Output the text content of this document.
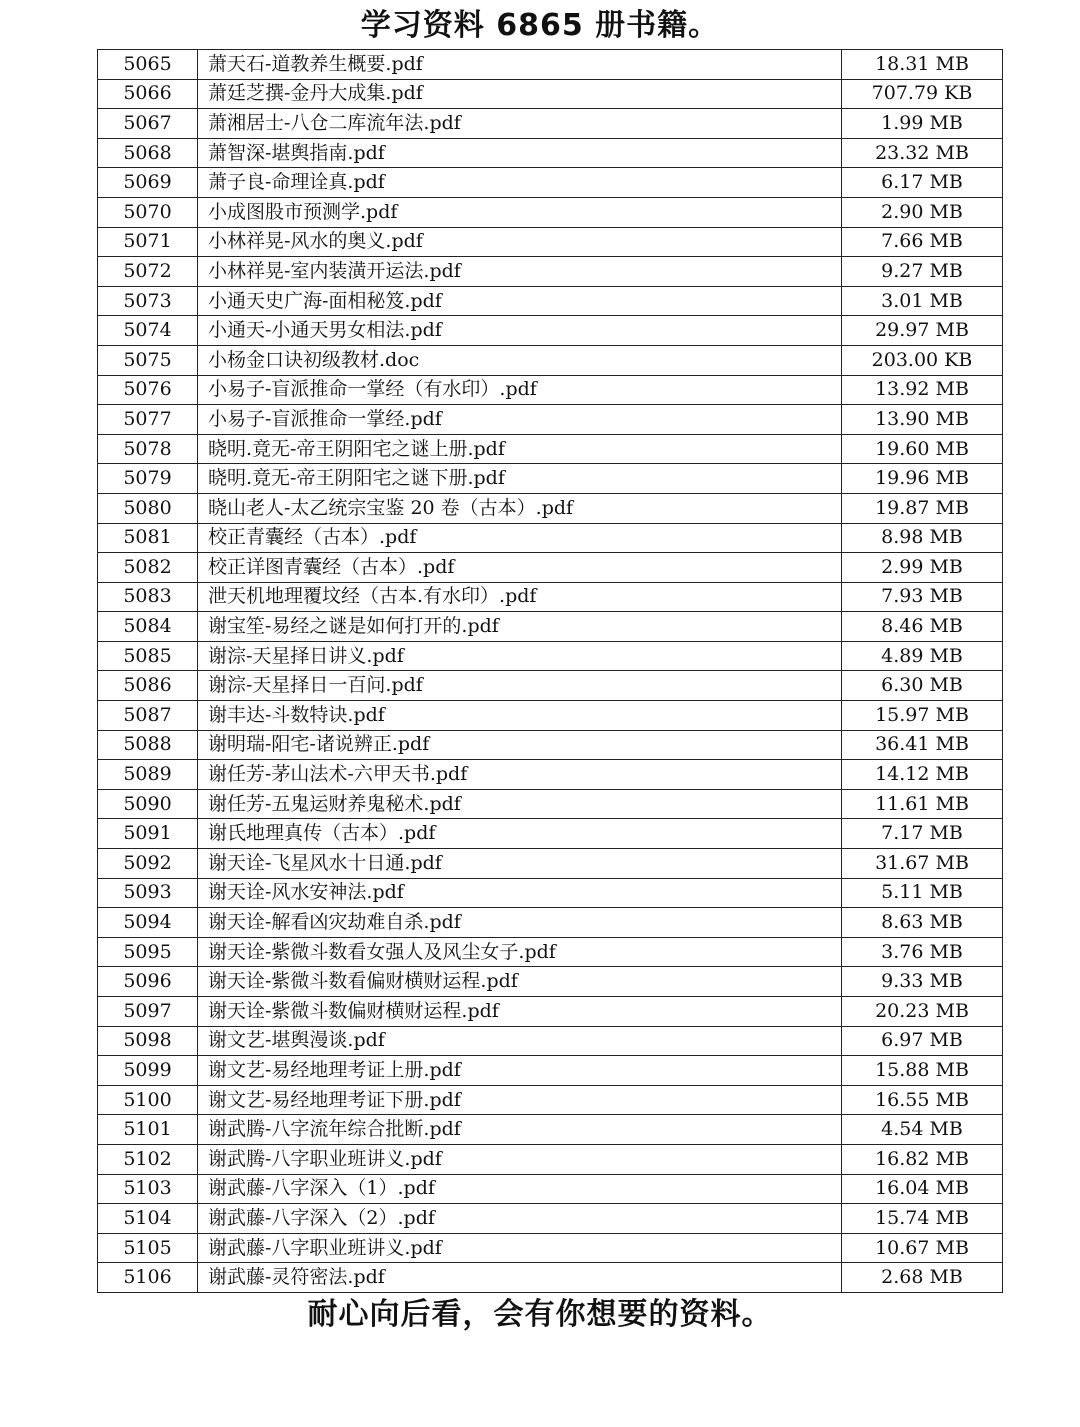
学习资料 6865 册书籍。
5065	萧天石-道教养生概要.pdf	18.31 MB
5066	萧廷芝撰-金丹大成集.pdf	707.79 KB
5067	萧湘居士-八仓二库流年法.pdf	1.99 MB
5068	萧智深-堪舆指南.pdf	23.32 MB
5069	萧子良-命理诠真.pdf	6.17 MB
5070	小成图股市预测学.pdf	2.90 MB
5071	小林祥晃-风水的奥义.pdf	7.66 MB
5072	小林祥晃-室内装潢开运法.pdf	9.27 MB
5073	小通天史广海-面相秘笈.pdf	3.01 MB
5074	小通天-小通天男女相法.pdf	29.97 MB
5075	小杨金口诀初级教材.doc	203.00 KB
5076	小易子-盲派推命一掌经（有水印）.pdf	13.92 MB
5077	小易子-盲派推命一掌经.pdf	13.90 MB
5078	晓明.竟无-帝王阴阳宅之谜上册.pdf	19.60 MB
5079	晓明.竟无-帝王阴阳宅之谜下册.pdf	19.96 MB
5080	晓山老人-太乙统宗宝鉴 20 卷（古本）.pdf	19.87 MB
5081	校正青囊经（古本）.pdf	8.98 MB
5082	校正详图青囊经（古本）.pdf	2.99 MB
5083	泄天机地理覆坟经（古本.有水印）.pdf	7.93 MB
5084	谢宝笙-易经之谜是如何打开的.pdf	8.46 MB
5085	谢淙-天星择日讲义.pdf	4.89 MB
5086	谢淙-天星择日一百问.pdf	6.30 MB
5087	谢丰达-斗数特诀.pdf	15.97 MB
5088	谢明瑞-阳宅-诸说辨正.pdf	36.41 MB
5089	谢任芳-茅山法术-六甲天书.pdf	14.12 MB
5090	谢任芳-五鬼运财养鬼秘术.pdf	11.61 MB
5091	谢氏地理真传（古本）.pdf	7.17 MB
5092	谢天诠-飞星风水十日通.pdf	31.67 MB
5093	谢天诠-风水安神法.pdf	5.11 MB
5094	谢天诠-解看凶灾劫难自杀.pdf	8.63 MB
5095	谢天诠-紫微斗数看女强人及风尘女子.pdf	3.76 MB
5096	谢天诠-紫微斗数看偏财横财运程.pdf	9.33 MB
5097	谢天诠-紫微斗数偏财横财运程.pdf	20.23 MB
5098	谢文艺-堪舆漫谈.pdf	6.97 MB
5099	谢文艺-易经地理考证上册.pdf	15.88 MB
5100	谢文艺-易经地理考证下册.pdf	16.55 MB
5101	谢武腾-八字流年综合批断.pdf	4.54 MB
5102	谢武腾-八字职业班讲义.pdf	16.82 MB
5103	谢武藤-八字深入（1）.pdf	16.04 MB
5104	谢武藤-八字深入（2）.pdf	15.74 MB
5105	谢武藤-八字职业班讲义.pdf	10.67 MB
5106	谢武藤-灵符密法.pdf	2.68 MB
耐心向后看，会有你想要的资料。
